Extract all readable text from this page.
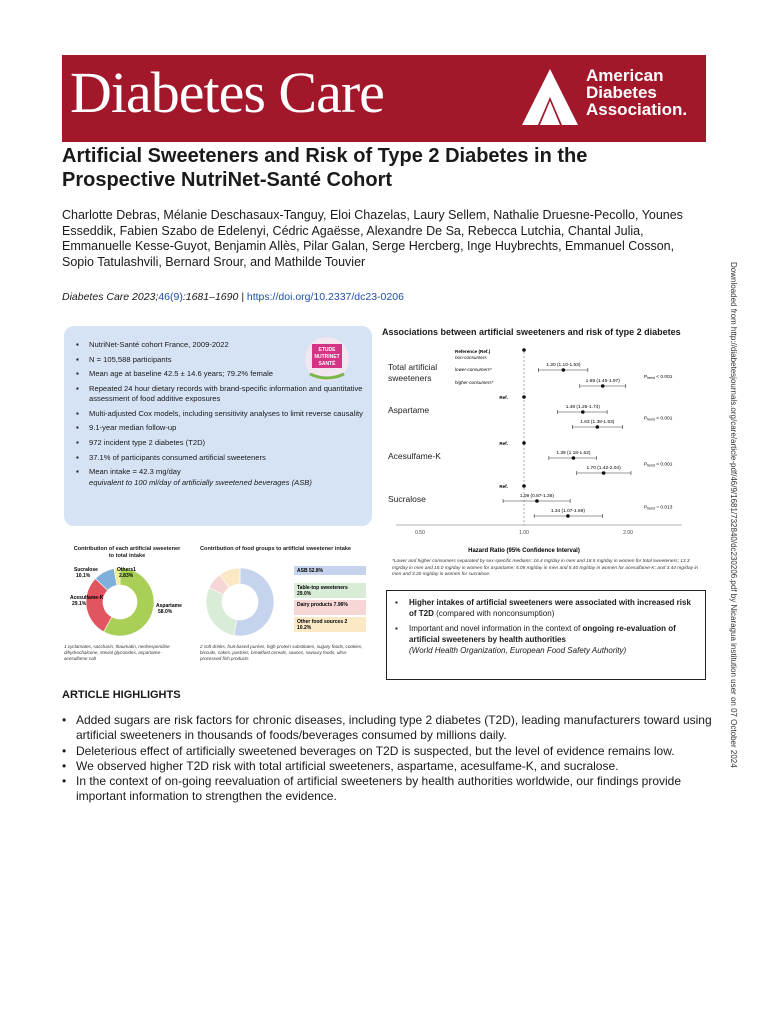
Diabetes Care	American
Diabetes
Association.
Artificial Sweeteners and Risk of Type 2 Diabetes in the Prospective NutriNet-Santé Cohort
Charlotte Debras, Mélanie Deschasaux-Tanguy, Eloi Chazelas, Laury Sellem, Nathalie Druesne-Pecollo, Younes Esseddik, Fabien Szabo de Edelenyi, Cédric Agaësse, Alexandre De Sa, Rebecca Lutchia, Chantal Julia, Emmanuelle Kesse-Guyot, Benjamin Allès, Pilar Galan, Serge Hercberg, Inge Huybrechts, Emmanuel Cosson, Sopio Tatulashvili, Bernard Srour, and Mathilde Touvier
Diabetes Care 2023;46(9):1681–1690 | https://doi.org/10.2337/dc23-0206	Downloaded from http://diabetesjournals.org/care/article-pdf/46/9/1681/732840/dc230206.pdf by Nicaragua institution user on 07 October 2024
▪ NutriNet-Santé cohort France, 2009-2022
▪ N = 105,588 participants
▪ Mean age at baseline 42.5 ± 14.6 years; 79.2% female
▪ Repeated 24 hour dietary records with brand-specific information and quantitative assessment of food additive exposures
▪ Multi-adjusted Cox models, including sensitivity analyses to limit reverse causality
▪ 9.1-year median follow-up
▪ 972 incident type 2 diabetes (T2D)
▪ 37.1% of participants consumed artificial sweeteners
▪ Mean intake = 42.3 mg/day
equivalent to 100 ml/day of artificially sweetened beverages (ASB)
ETUDE
NUTRINET
SANTÉ
Associations between artificial sweeteners and risk of type 2 diabetes
0.50	1.00	2.00
Hazard Ratio (95% Confidence Interval)
Reference (Ref.)
non-consumers
lower-consumers*
higher-consumers*
Total artificial
sweeteners
1.30 (1.10-1.53)
1.69 (1.45-1.97)
$P_{trend} < 0.001$
Ref.
Aspartame	1.48 (1.25-1.74)
1.63 (1.38-1.93)
$P_{trend} < 0.001$
Ref.
Acesulfame-K	1.39 (1.18-1.62)
1.70 (1.42-2.04)
$P_{trend} < 0.001$
Ref.
Sucralose	1.09 (0.87-1.36)
1.34 (1.07-1.69)
$P_{trend} = 0.013$
*Lower and higher consumers separated by sex-specific medians: 16.4 mg/day in men and 18.5 mg/day in women for total sweeteners; 13.3 mg/day in men and 15.0 mg/day in women for aspartame; 5.05 mg/day in men and 5.40 mg/day in women for acesulfame-K; and 3.44 mg/day in men and 3.30 mg/day in women for sucralose.
▪ Higher intakes of artificial sweeteners were associated with increased risk of T2D (compared with nonconsumption)
▪ Important and novel information in the context of ongoing re-evaluation of artificial sweeteners by health authorities
(World Health Organization, European Food Safety Authority)
Contribution of each artificial sweetener to total intake
Aspartame
58.0%
Acesulfame-K
29.1%
Sucralose
10.1%
Others1
2.83%
1 cyclamates, saccharin, thaumatin, neohesperidine dihydrochalcone, steviol glycosides, aspartame-acesulfame salt
Contribution of food groups to artificial sweetener intake
ASB 52.8%
Table-top sweeteners
29.0%
Dairy products 7.96%
Other food sources 2
10.2%
2 soft drinks, fruit-based purées, high protein substitutes, sugary foods, cookies, biscuits, cakes, pastries, breakfast cereals, sauces, savoury foods, ultra-processed fish products
ARTICLE HIGHLIGHTS
• Added sugars are risk factors for chronic diseases, including type 2 diabetes (T2D), leading manufacturers toward using artificial sweeteners in thousands of foods/beverages consumed by millions daily.
• Deleterious effect of artificially sweetened beverages on T2D is suspected, but the level of evidence remains low.
• We observed higher T2D risk with total artificial sweeteners, aspartame, acesulfame-K, and sucralose.
• In the context of on-going reevaluation of artificial sweeteners by health authorities worldwide, our findings provide important information to strengthen the evidence.
